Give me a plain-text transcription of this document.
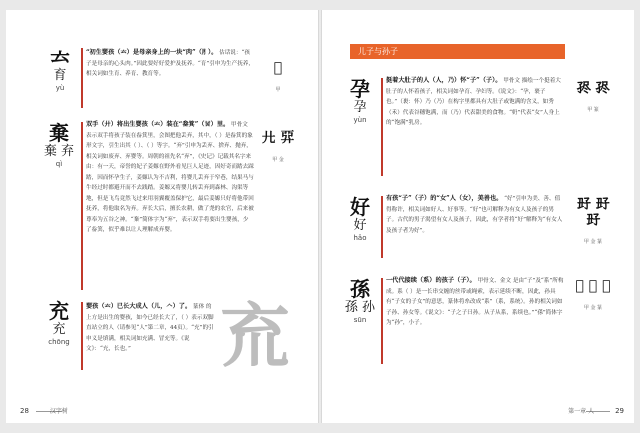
𠫓
育
yù
“初生婴孩（𠫓）是母亲身上的一块“肉”（⺼）。 估话说：“孩子是母亲的心头肉。”因此要好好爱护及抚养。“育”引申为生产抚养，相关词如生育、养育、教育等。	𦬒
甲
棄
棄 弃
qì
双手（廾）将出生婴孩（𠫓）装在“畚箕”（𠀠）里。 甲骨文 表示双手将孩子装在畚箕里，会图把他丢弃，其中，（ ）是畚箕的象形文字，引生出其（ ）、（ ）等字。“弃”引申为丢弃、捨弃、抛弃，相关词如废弃、弃婴等。周朝的祖先名“弃”，《史记》记载其名字来由：有一天，帝誉的妃子姜嫄在野外看见巨人足迹，因好奇而踏去踩踏，因而怀孕生子，姜嫄认为不吉利，将婴儿丢弃于窄巷，结果马与牛经过时都避开而不去践踏。姜嫄又将婴儿转丢弃到森林、沟渠等地，但是飞鸟竟然飞过来用羽翼覆盖保护它，最后姜嫄只好将他带回抚养，将他取名为弃。弃长大后，擅长农耕，做了尧的农官，后来被尊奉为五谷之神。“棄”简体字为“弃”，表示双手将要出生婴孩，少了畚箕，似乎难以让人理解成弃婴。
𢌬 𢍐
甲 金
充
充
chōng
婴孩（𠫓）已长大成人（儿，𠆢）了。 篆体 的上方是出生的婴孩，如今已经长大了，（ ）表示双脚直站立的人（请参见“人”第二章，44页）。“充”的引申义是填满，相关词如充满、冒充等。《说文》：“充，长也。”	㐬
28	汉字树
儿子与孙子
孕
孕
yùn
挺着大肚子的人（人，乃）怀“子”（子）。 甲骨文 描绘一个挺着大肚子的人怀着孩子，相关词如孕育、孕妇等。《说文》：“孕，裹子也。”（裹：怀）乃（乃）在构字里都具有大肚子或饱满的含义，如秀（禾）代表谷穗饱满，而（乃）代表甜美的食物。“奶”代表“女”人身上的“饱满”乳房。
𡥧 𡥧
甲 篆
好
好
hǎo
有孩“子”（子）的“女”人（女），美善也。 “好”引申为美、善、值得称许，相关词如好人、好事等。“好”也可解释为有女人及孩子的男子。古代的男子渴望有女人及孩子，因此，有学者将“好”解释为“有女人及孩子者为好”。
𡥆 𡥆 𡥆
甲 金 篆
孫
孫 孙
sūn
一代代接续（系）的孩子（子）。 甲骨文、金文 是由“子”及“系”所构成。系（ ）是一长串交缠的丝带或绳索，表示延续不断，因此，孙具有“子女的子女”的意思，篆体将糸改成“系”（系，系统）。孙的相关词如子孙、孙女等。《说文》：“子之子曰孙。从子从系，系续也。”“孫”简体字为“孙”，小子。
𢀦 𢀦 𢀦
甲 金 篆
第一章 人	29
